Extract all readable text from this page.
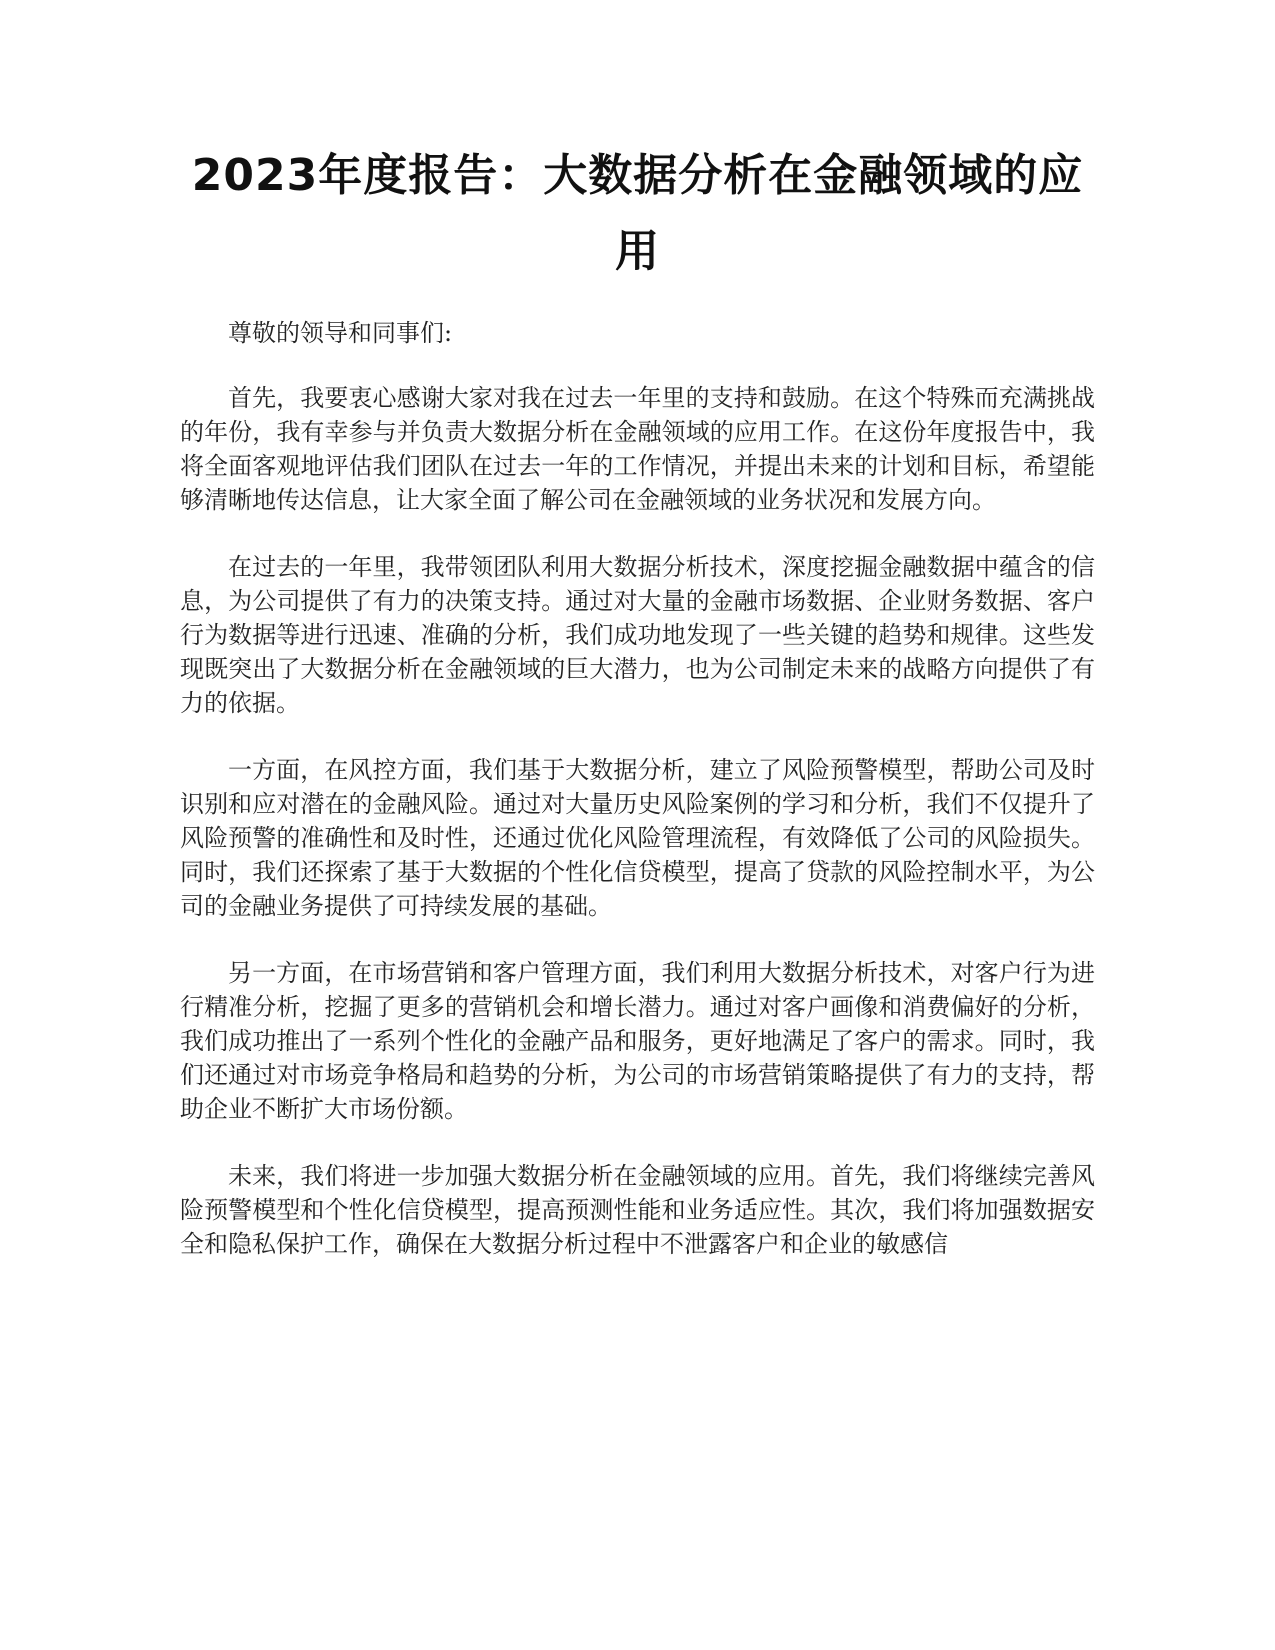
2023年度报告：大数据分析在金融领域的应用

尊敬的领导和同事们:

首先，我要衷心感谢大家对我在过去一年里的支持和鼓励。在这个特殊而充满挑战的年份，我有幸参与并负责大数据分析在金融领域的应用工作。在这份年度报告中，我将全面客观地评估我们团队在过去一年的工作情况，并提出未来的计划和目标，希望能够清晰地传达信息，让大家全面了解公司在金融领域的业务状况和发展方向。

在过去的一年里，我带领团队利用大数据分析技术，深度挖掘金融数据中蕴含的信息，为公司提供了有力的决策支持。通过对大量的金融市场数据、企业财务数据、客户行为数据等进行迅速、准确的分析，我们成功地发现了一些关键的趋势和规律。这些发现既突出了大数据分析在金融领域的巨大潜力，也为公司制定未来的战略方向提供了有力的依据。

一方面，在风控方面，我们基于大数据分析，建立了风险预警模型，帮助公司及时识别和应对潜在的金融风险。通过对大量历史风险案例的学习和分析，我们不仅提升了风险预警的准确性和及时性，还通过优化风险管理流程，有效降低了公司的风险损失。同时，我们还探索了基于大数据的个性化信贷模型，提高了贷款的风险控制水平，为公司的金融业务提供了可持续发展的基础。

另一方面，在市场营销和客户管理方面，我们利用大数据分析技术，对客户行为进行精准分析，挖掘了更多的营销机会和增长潜力。通过对客户画像和消费偏好的分析，我们成功推出了一系列个性化的金融产品和服务，更好地满足了客户的需求。同时，我们还通过对市场竞争格局和趋势的分析，为公司的市场营销策略提供了有力的支持，帮助企业不断扩大市场份额。

未来，我们将进一步加强大数据分析在金融领域的应用。首先，我们将继续完善风险预警模型和个性化信贷模型，提高预测性能和业务适应性。其次，我们将加强数据安全和隐私保护工作，确保在大数据分析过程中不泄露客户和企业的敏感信
